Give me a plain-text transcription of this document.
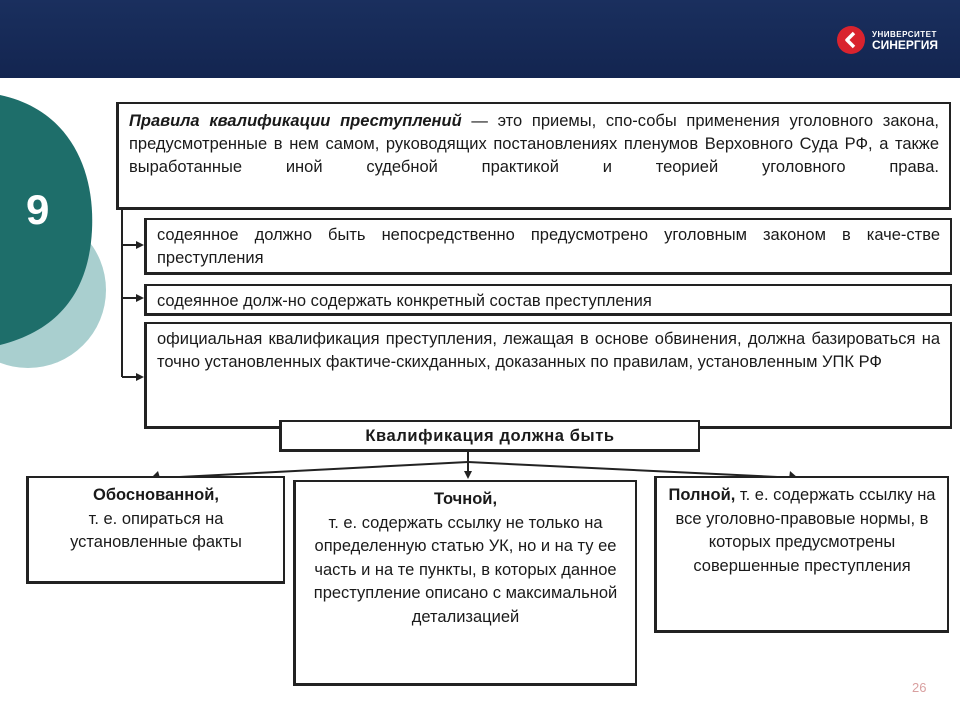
УНИВЕРСИТЕТ
СИНЕРГИЯ
9
Правила квалификации преступлений — это приемы, спо-собы применения уголовного закона, предусмотренные в нем самом, руководящих постановлениях пленумов Верховного Суда РФ, а также выработанные иной судебной практикой и теорией уголовного права.
содеянное должно быть непосредственно предусмотрено уголовным законом в каче-стве преступления
содеянное долж-но содержать конкретный состав преступления
официальная квалификация преступления, лежащая в основе обвинения, должна базироваться на точно установленных фактиче-скихданных, доказанных по правилам, установленным УПК РФ
Квалификация должна быть
Обоснованной,
т. е. опираться на установленные факты
Точной,
т. е. содержать ссылку не только на определенную статью УК, но и на ту ее часть и на те пункты, в которых данное преступление описано с максимальной детализацией
Полной, т. е. содержать ссылку на все уголовно-правовые нормы, в которых предусмотрены совершенные преступления
26
